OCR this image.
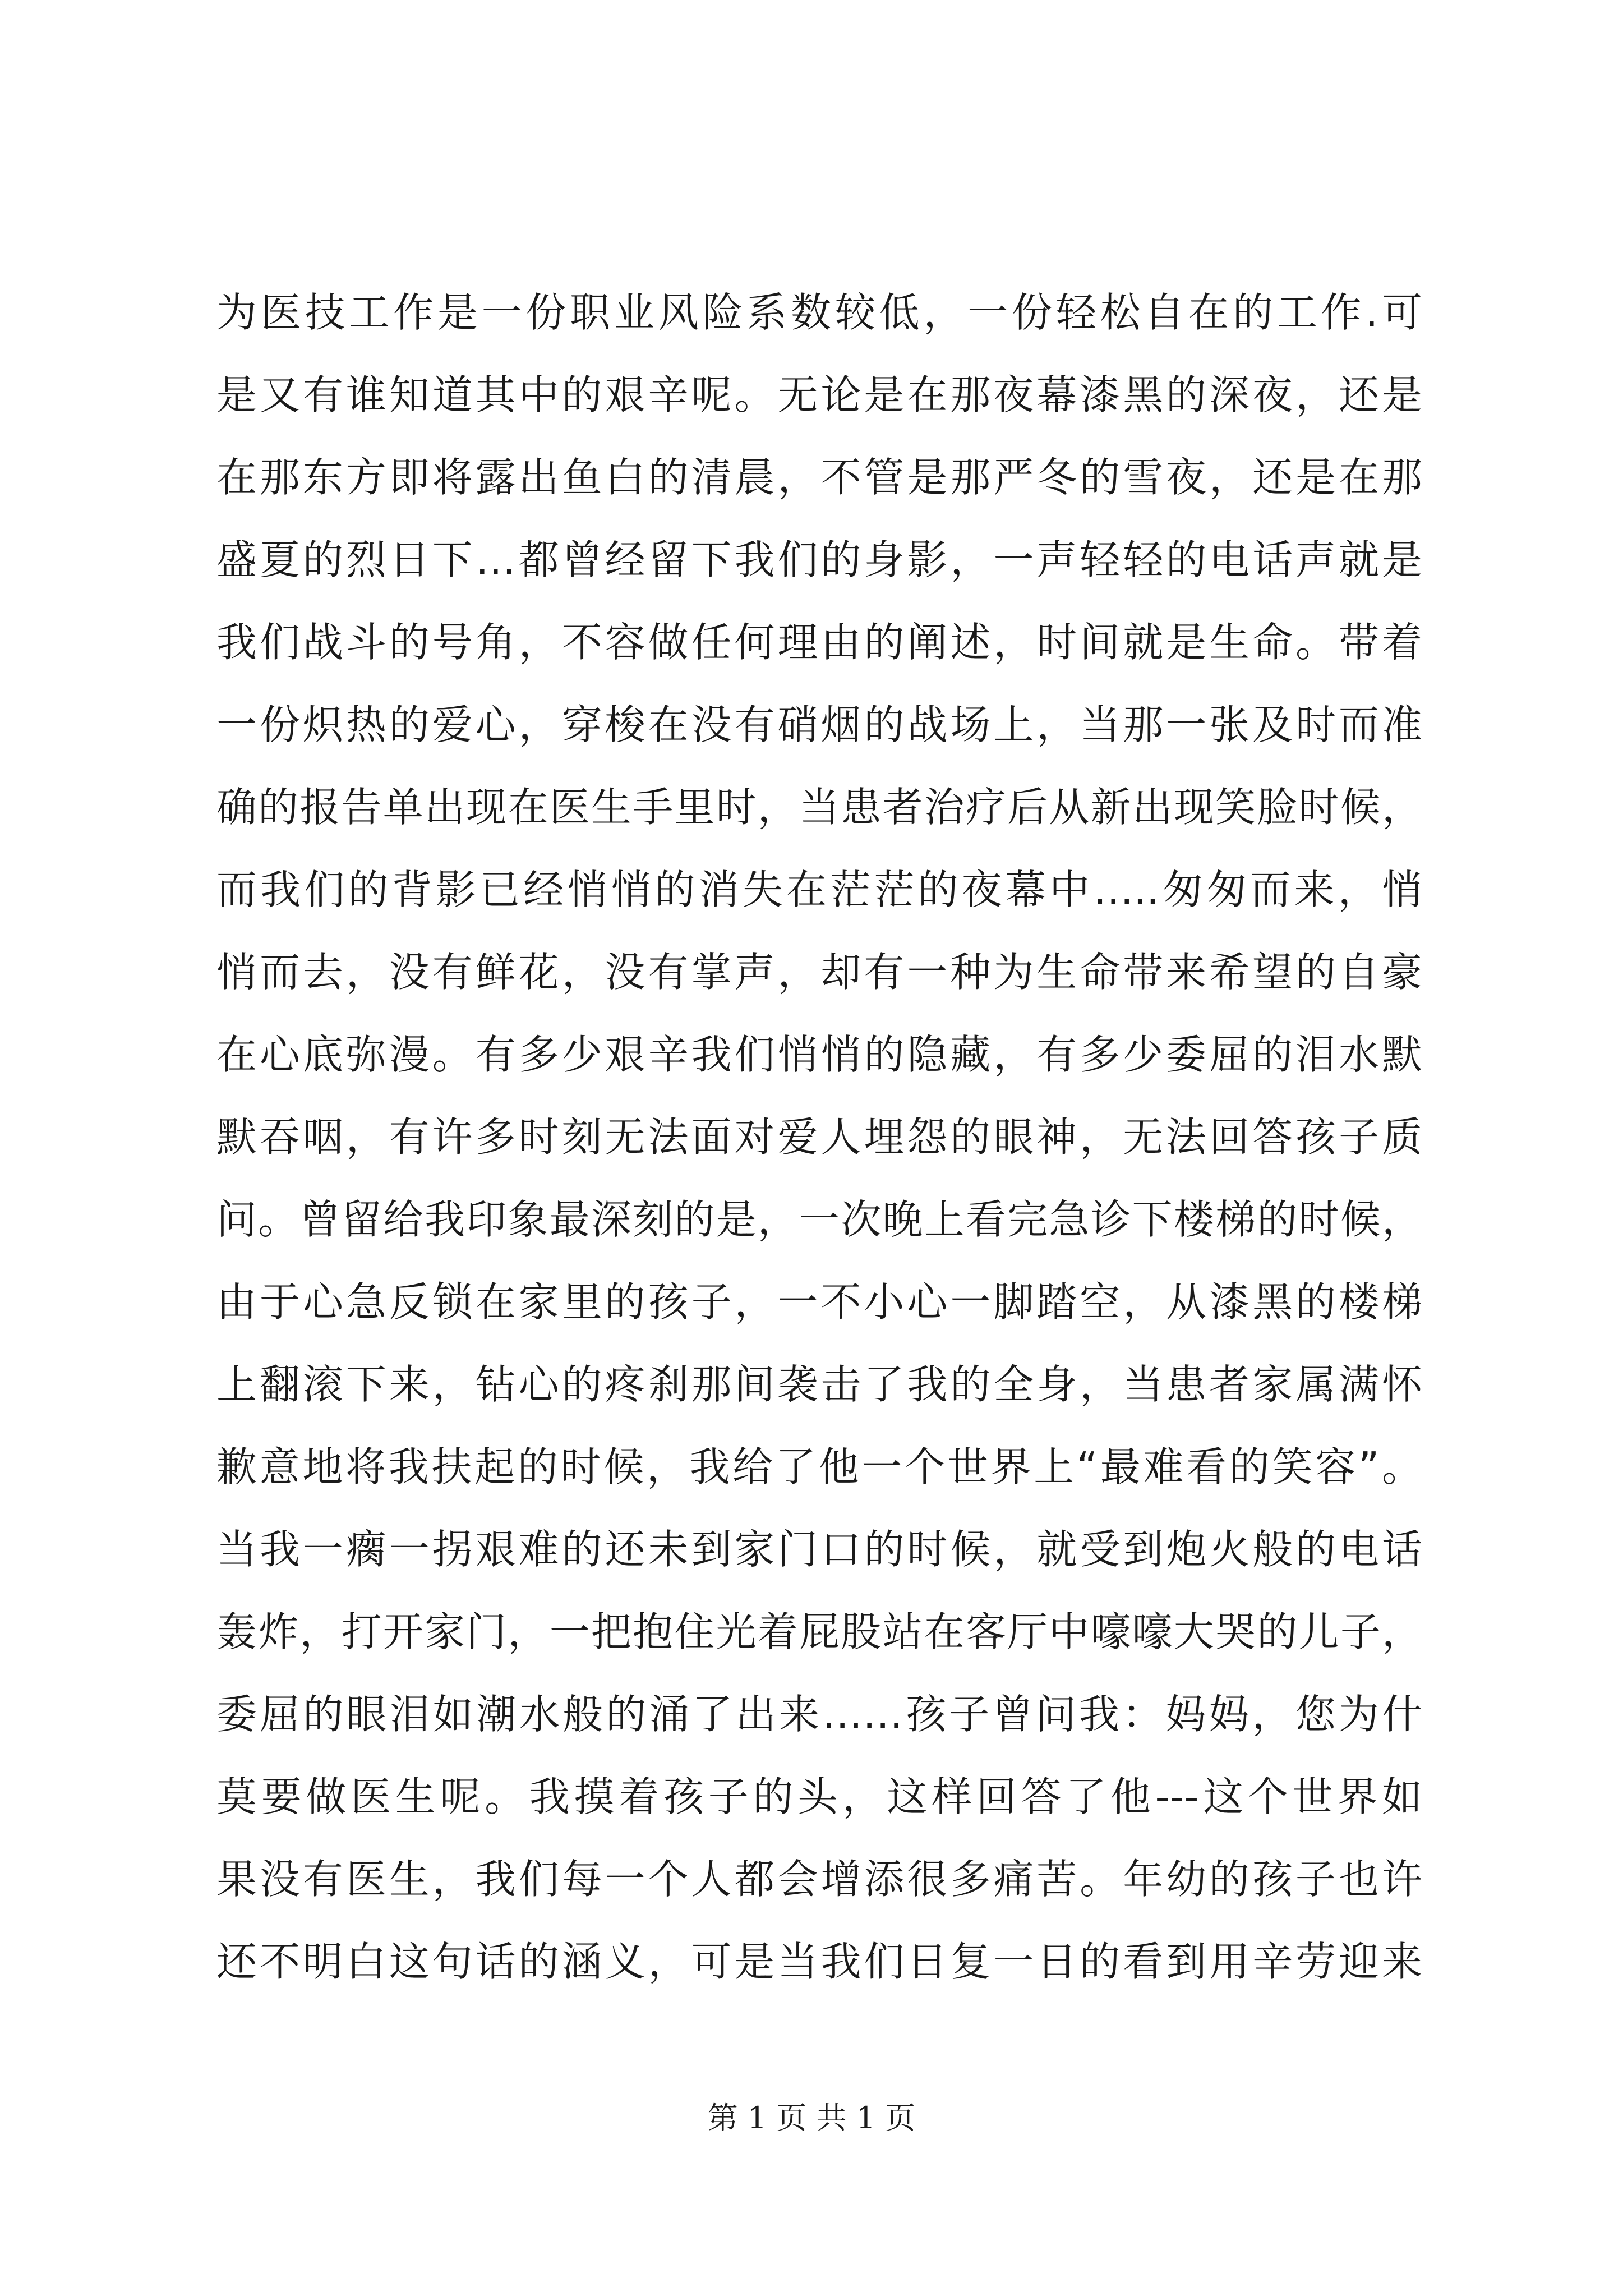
为医技工作是一份职业风险系数较低，一份轻松自在的工作.可
是又有谁知道其中的艰辛呢。无论是在那夜幕漆黑的深夜，还是
在那东方即将露出鱼白的清晨，不管是那严冬的雪夜，还是在那
盛夏的烈日下…都曾经留下我们的身影，一声轻轻的电话声就是
我们战斗的号角，不容做任何理由的阐述，时间就是生命。带着
一份炽热的爱心，穿梭在没有硝烟的战场上，当那一张及时而准
确的报告单出现在医生手里时，当患者治疗后从新出现笑脸时候，
而我们的背影已经悄悄的消失在茫茫的夜幕中…..匆匆而来，悄
悄而去，没有鲜花，没有掌声，却有一种为生命带来希望的自豪
在心底弥漫。有多少艰辛我们悄悄的隐藏，有多少委屈的泪水默
默吞咽，有许多时刻无法面对爱人埋怨的眼神，无法回答孩子质
问。曾留给我印象最深刻的是，一次晚上看完急诊下楼梯的时候，
由于心急反锁在家里的孩子，一不小心一脚踏空，从漆黑的楼梯
上翻滚下来，钻心的疼刹那间袭击了我的全身，当患者家属满怀
歉意地将我扶起的时候，我给了他一个世界上“最难看的笑容”。
当我一瘸一拐艰难的还未到家门口的时候，就受到炮火般的电话
轰炸，打开家门，一把抱住光着屁股站在客厅中嚎嚎大哭的儿子，
委屈的眼泪如潮水般的涌了出来……孩子曾问我：妈妈，您为什
莫要做医生呢。我摸着孩子的头，这样回答了他---这个世界如
果没有医生，我们每一个人都会增添很多痛苦。年幼的孩子也许
还不明白这句话的涵义，可是当我们日复一日的看到用辛劳迎来
第 1 页 共 1 页
